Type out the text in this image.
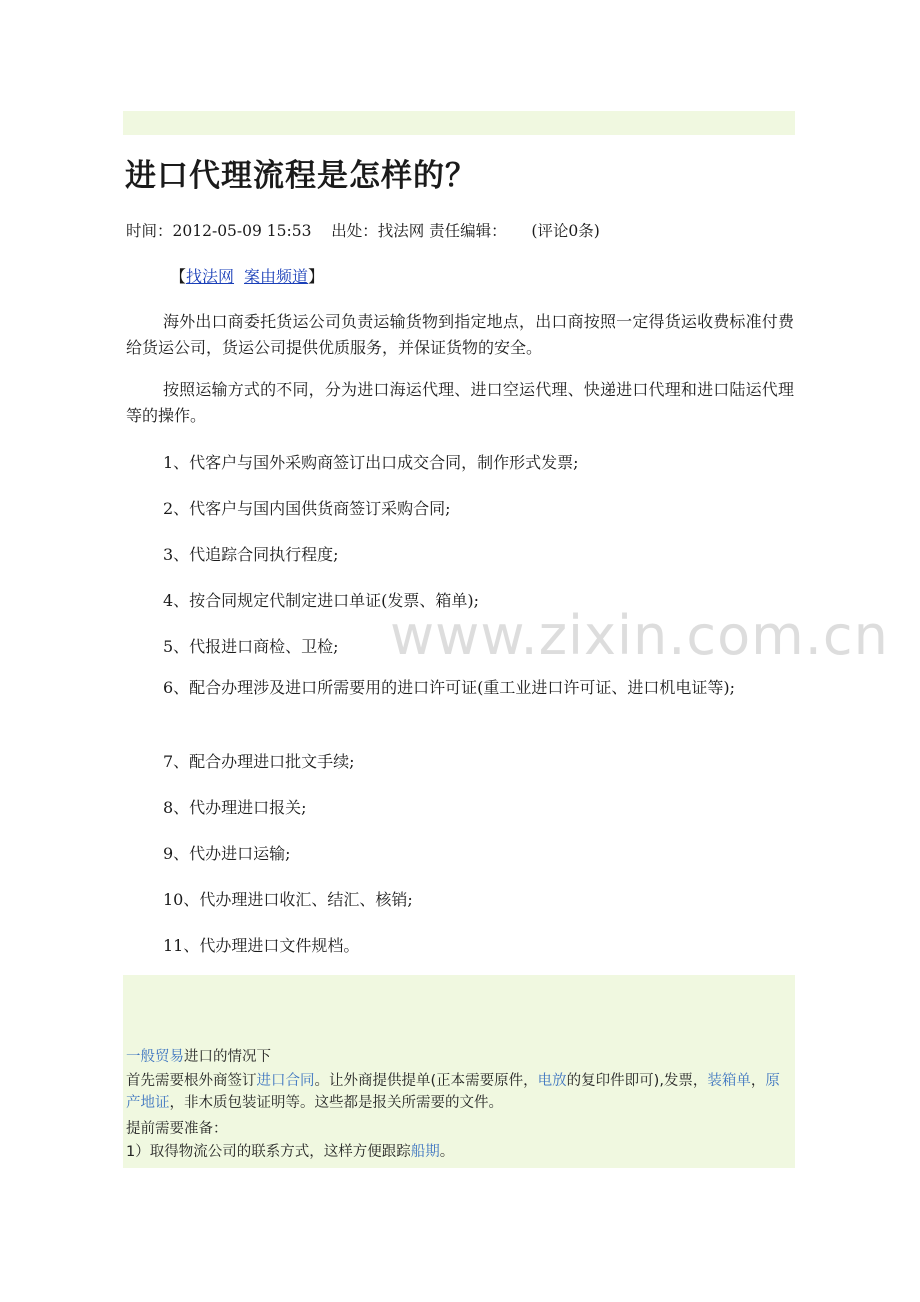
进口代理流程是怎样的？
时间：2012-05-09 15:53 出处：找法网 责任编辑： (评论0条)
【找法网 案由频道】

海外出口商委托货运公司负责运输货物到指定地点，出口商按照一定得货运收费标准付费给货运公司，货运公司提供优质服务，并保证货物的安全。

按照运输方式的不同，分为进口海运代理、进口空运代理、快递进口代理和进口陆运代理等的操作。

1、代客户与国外采购商签订出口成交合同，制作形式发票;
2、代客户与国内国供货商签订采购合同;
3、代追踪合同执行程度;
4、按合同规定代制定进口单证(发票、箱单);
5、代报进口商检、卫检;
6、配合办理涉及进口所需要用的进口许可证(重工业进口许可证、进口机电证等);
7、配合办理进口批文手续;
8、代办理进口报关;
9、代办进口运输;
10、代办理进口收汇、结汇、核销;
11、代办理进口文件规档。
www.zixin.com.cn
一般贸易进口的情况下
首先需要根外商签订进口合同。让外商提供提单(正本需要原件，电放的复印件即可),发票，装箱单，原产地证，非木质包装证明等。这些都是报关所需要的文件。
提前需要准备：
1）取得物流公司的联系方式，这样方便跟踪船期。
